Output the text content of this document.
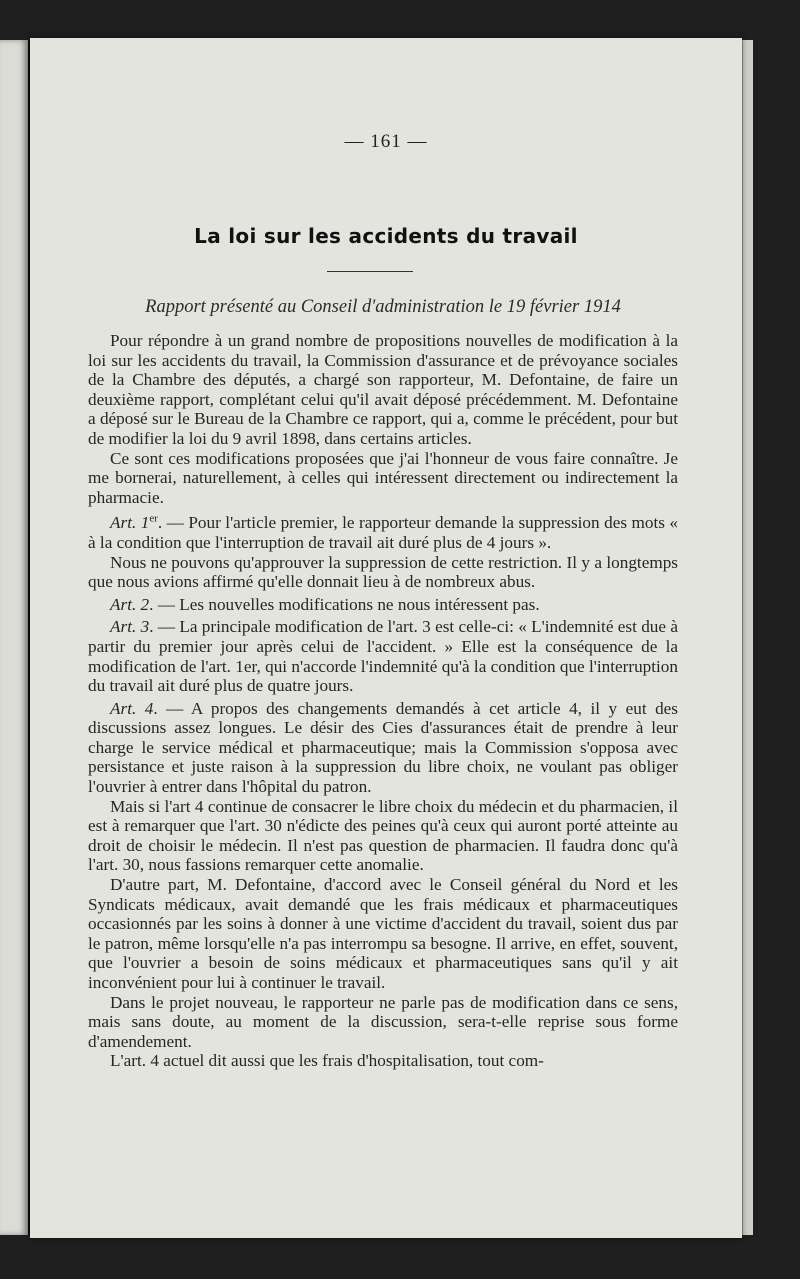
— 161 —
La loi sur les accidents du travail
Rapport présenté au Conseil d'administration le 19 février 1914

Pour répondre à un grand nombre de propositions nouvelles de modification à la loi sur les accidents du travail, la Commission d'assurance et de prévoyance sociales de la Chambre des députés, a chargé son rapporteur, M. Defontaine, de faire un deuxième rapport, complétant celui qu'il avait déposé précédemment. M. Defontaine a déposé sur le Bureau de la Chambre ce rapport, qui a, comme le précédent, pour but de modifier la loi du 9 avril 1898, dans certains articles.

Ce sont ces modifications proposées que j'ai l'honneur de vous faire connaître. Je me bornerai, naturellement, à celles qui intéressent directement ou indirectement la pharmacie.

Art. 1er. — Pour l'article premier, le rapporteur demande la suppression des mots « à la condition que l'interruption de travail ait duré plus de 4 jours ».

Nous ne pouvons qu'approuver la suppression de cette restriction. Il y a longtemps que nous avions affirmé qu'elle donnait lieu à de nombreux abus.

Art. 2. — Les nouvelles modifications ne nous intéressent pas.

Art. 3. — La principale modification de l'art. 3 est celle-ci: « L'indemnité est due à partir du premier jour après celui de l'accident. » Elle est la conséquence de la modification de l'art. 1er, qui n'accorde l'indemnité qu'à la condition que l'interruption du travail ait duré plus de quatre jours.

Art. 4. — A propos des changements demandés à cet article 4, il y eut des discussions assez longues. Le désir des Cies d'assurances était de prendre à leur charge le service médical et pharmaceutique; mais la Commission s'opposa avec persistance et juste raison à la suppression du libre choix, ne voulant pas obliger l'ouvrier à entrer dans l'hôpital du patron.

Mais si l'art 4 continue de consacrer le libre choix du médecin et du pharmacien, il est à remarquer que l'art. 30 n'édicte des peines qu'à ceux qui auront porté atteinte au droit de choisir le médecin. Il n'est pas question de pharmacien. Il faudra donc qu'à l'art. 30, nous fassions remarquer cette anomalie.

D'autre part, M. Defontaine, d'accord avec le Conseil général du Nord et les Syndicats médicaux, avait demandé que les frais médicaux et pharmaceutiques occasionnés par les soins à donner à une victime d'accident du travail, soient dus par le patron, même lorsqu'elle n'a pas interrompu sa besogne. Il arrive, en effet, souvent, que l'ouvrier a besoin de soins médicaux et pharmaceutiques sans qu'il y ait inconvénient pour lui à continuer le travail.

Dans le projet nouveau, le rapporteur ne parle pas de modification dans ce sens, mais sans doute, au moment de la discussion, sera-t-elle reprise sous forme d'amendement.

L'art. 4 actuel dit aussi que les frais d'hospitalisation, tout com-
